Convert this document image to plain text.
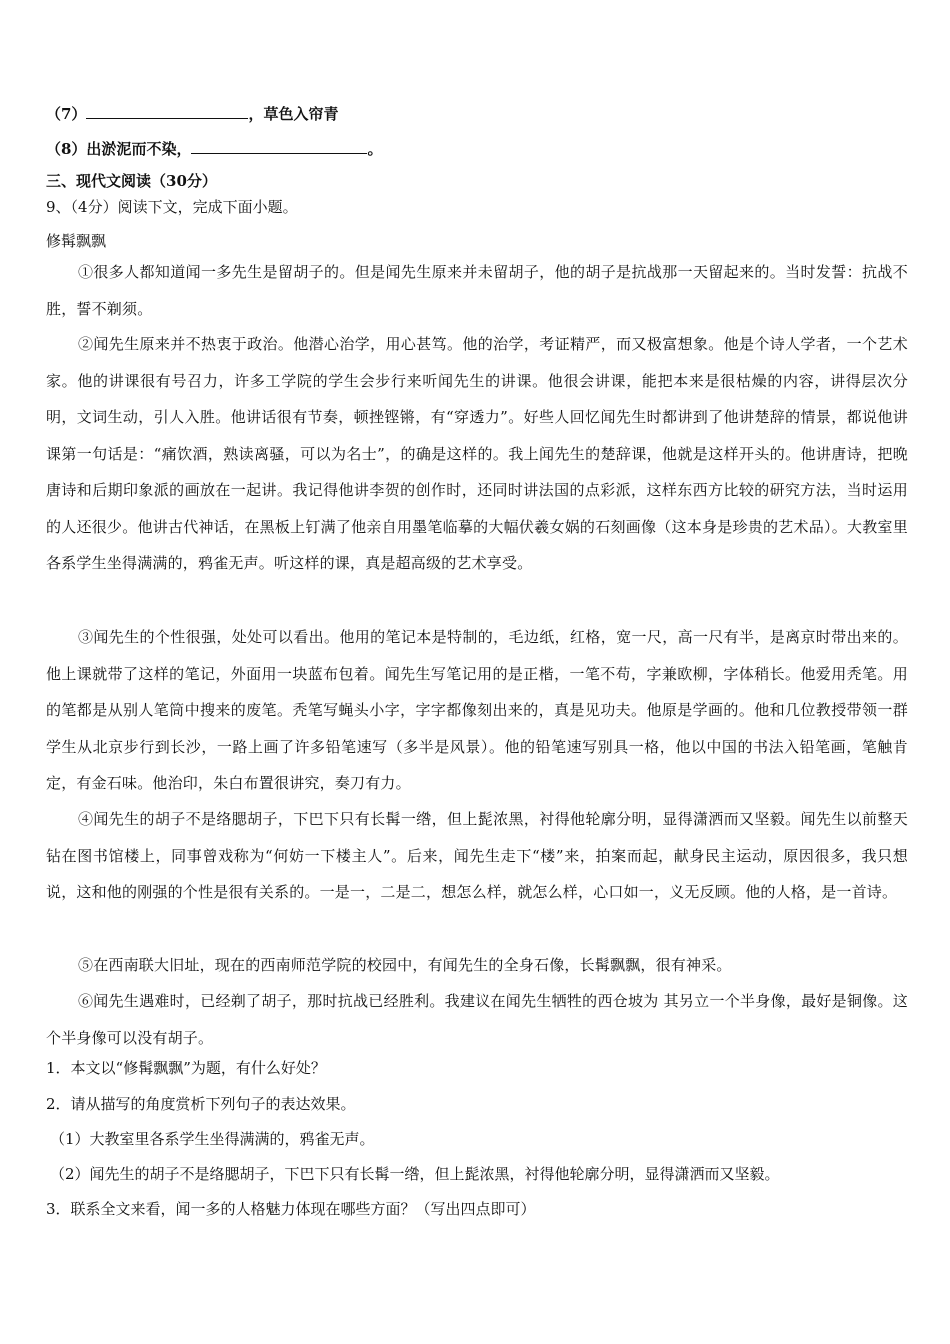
（7）	，草色入帘青
（8）出淤泥而不染，	。
三、现代文阅读（30分）
9、（4分）阅读下文，完成下面小题。
修髯飘飘
①很多人都知道闻一多先生是留胡子的。但是闻先生原来并未留胡子，他的胡子是抗战那一天留起来的。当时发誓：抗战不胜，誓不剃须。
②闻先生原来并不热衷于政治。他潜心治学，用心甚笃。他的治学，考证精严，而又极富想象。他是个诗人学者，一个艺术家。他的讲课很有号召力，许多工学院的学生会步行来听闻先生的讲课。他很会讲课，能把本来是很枯燥的内容，讲得层次分明，文词生动，引人入胜。他讲话很有节奏，顿挫铿锵，有“穿透力”。好些人回忆闻先生时都讲到了他讲楚辞的情景，都说他讲课第一句话是：“痛饮酒，熟读离骚，可以为名士”，的确是这样的。我上闻先生的楚辞课，他就是这样开头的。他讲唐诗，把晚唐诗和后期印象派的画放在一起讲。我记得他讲李贺的创作时，还同时讲法国的点彩派，这样东西方比较的研究方法，当时运用的人还很少。他讲古代神话，在黑板上钉满了他亲自用墨笔临摹的大幅伏羲女娲的石刻画像（这本身是珍贵的艺术品）。大教室里各系学生坐得满满的，鸦雀无声。听这样的课，真是超高级的艺术享受。
③闻先生的个性很强，处处可以看出。他用的笔记本是特制的，毛边纸，红格，宽一尺，高一尺有半，是离京时带出来的。他上课就带了这样的笔记，外面用一块蓝布包着。闻先生写笔记用的是正楷，一笔不苟，字兼欧柳，字体稍长。他爱用秃笔。用的笔都是从别人笔筒中搜来的废笔。秃笔写蝇头小字，字字都像刻出来的，真是见功夫。他原是学画的。他和几位教授带领一群学生从北京步行到长沙，一路上画了许多铅笔速写（多半是风景）。他的铅笔速写别具一格，他以中国的书法入铅笔画，笔触肯定，有金石味。他治印，朱白布置很讲究，奏刀有力。
④闻先生的胡子不是络腮胡子，下巴下只有长髯一绺，但上髭浓黑，衬得他轮廓分明，显得潇洒而又坚毅。闻先生以前整天钻在图书馆楼上，同事曾戏称为“何妨一下楼主人”。后来，闻先生走下“楼”来，拍案而起，献身民主运动，原因很多，我只想说，这和他的刚强的个性是很有关系的。一是一，二是二，想怎么样，就怎么样，心口如一，义无反顾。他的人格，是一首诗。
⑤在西南联大旧址，现在的西南师范学院的校园中，有闻先生的全身石像，长髯飘飘，很有神采。
⑥闻先生遇难时，已经剃了胡子，那时抗战已经胜利。我建议在闻先生牺牲的西仓坡为 其另立一个半身像，最好是铜像。这个半身像可以没有胡子。
1．本文以“修髯飘飘”为题，有什么好处？
2．请从描写的角度赏析下列句子的表达效果。
（1）大教室里各系学生坐得满满的，鸦雀无声。
（2）闻先生的胡子不是络腮胡子，下巴下只有长髯一绺，但上髭浓黑，衬得他轮廓分明，显得潇洒而又坚毅。
3．联系全文来看，闻一多的人格魅力体现在哪些方面？（写出四点即可）
